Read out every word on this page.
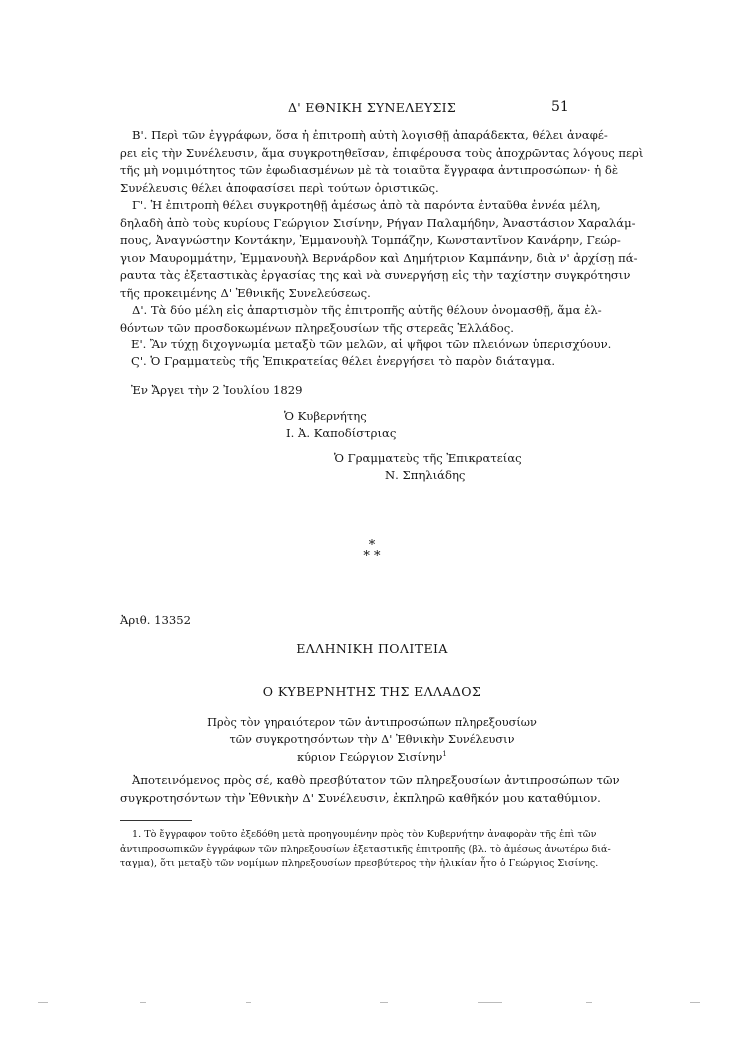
Δ' ΕΘΝΙΚΗ ΣΥΝΕΛΕΥΣΙΣ	51
Β'. Περὶ τῶν ἐγγράφων, ὅσα ἡ ἐπιτροπὴ αὐτὴ λογισθῇ ἀπαράδεκτα, θέλει ἀναφέ-
ρει εἰς τὴν Συνέλευσιν, ἅμα συγκροτηθεῖσαν, ἐπιφέρουσα τοὺς ἀποχρῶντας λόγους περὶ
τῆς μὴ νομιμότητος τῶν ἐφωδιασμένων μὲ τὰ τοιαῦτα ἔγγραφα ἀντιπροσώπων· ἡ δὲ
Συνέλευσις θέλει ἀποφασίσει περὶ τούτων ὁριστικῶς.
Γ'. Ἡ ἐπιτροπὴ θέλει συγκροτηθῇ ἀμέσως ἀπὸ τὰ παρόντα ἐνταῦθα ἐννέα μέλη,
δηλαδὴ ἀπὸ τοὺς κυρίους Γεώργιον Σισίνην, Ρήγαν Παλαμήδην, Ἀναστάσιον Χαραλάμ-
πους, Ἀναγνώστην Κοντάκην, Ἐμμανουὴλ Τομπάζην, Κωνσταντῖνον Κανάρην, Γεώρ-
γιον Μαυρομμάτην, Ἐμμανουὴλ Βερνάρδον καὶ Δημήτριον Καμπάνην, διὰ ν' ἀρχίσῃ πά-
ραυτα τὰς ἐξεταστικὰς ἐργασίας της καὶ νὰ συνεργήσῃ εἰς τὴν ταχίστην συγκρότησιν
τῆς προκειμένης Δ' Ἐθνικῆς Συνελεύσεως.
Δ'. Τὰ δύο μέλη εἰς ἀπαρτισμὸν τῆς ἐπιτροπῆς αὐτῆς θέλουν ὀνομασθῇ, ἅμα ἐλ-
θόντων τῶν προσδοκωμένων πληρεξουσίων τῆς στερεᾶς Ἑλλάδος.
Ε'. Ἂν τύχῃ διχογνωμία μεταξὺ τῶν μελῶν, αἱ ψῆφοι τῶν πλειόνων ὑπερισχύουν.
Ϛ'. Ὁ Γραμματεὺς τῆς Ἐπικρατείας θέλει ἐνεργήσει τὸ παρὸν διάταγμα.
Ἐν Ἄργει τὴν 2 Ἰουλίου 1829
Ὁ Κυβερνήτης
Ι. Ἀ. Καποδίστριας
Ὁ Γραμματεὺς τῆς Ἐπικρατείας
Ν. Σπηλιάδης
*
* *
Ἀριθ. 13352
ΕΛΛΗΝΙΚΗ ΠΟΛΙΤΕΙΑ
Ο ΚΥΒΕΡΝΗΤΗΣ ΤΗΣ ΕΛΛΑΔΟΣ
Πρὸς τὸν γηραιότερον τῶν ἀντιπροσώπων πληρεξουσίων
τῶν συγκροτησόντων τὴν Δ' Ἐθνικὴν Συνέλευσιν
κύριον Γεώργιον Σισίνην$^1$
Ἀποτεινόμενος πρὸς σέ, καθὸ πρεσβύτατον τῶν πληρεξουσίων ἀντιπροσώπων τῶν
συγκροτησόντων τὴν Ἐθνικὴν Δ' Συνέλευσιν, ἐκπληρῶ καθῆκόν μου καταθύμιον.
1. Τὸ ἔγγραφον τοῦτο ἐξεδόθη μετὰ προηγουμένην πρὸς τὸν Κυβερνήτην ἀναφορὰν τῆς ἐπὶ τῶν
ἀντιπροσωπικῶν ἐγγράφων τῶν πληρεξουσίων ἐξεταστικῆς ἐπιτροπῆς (βλ. τὸ ἀμέσως ἀνωτέρω διά-
ταγμα), ὅτι μεταξὺ τῶν νομίμων πληρεξουσίων πρεσβύτερος τὴν ἡλικίαν ἦτο ὁ Γεώργιος Σισίνης.
